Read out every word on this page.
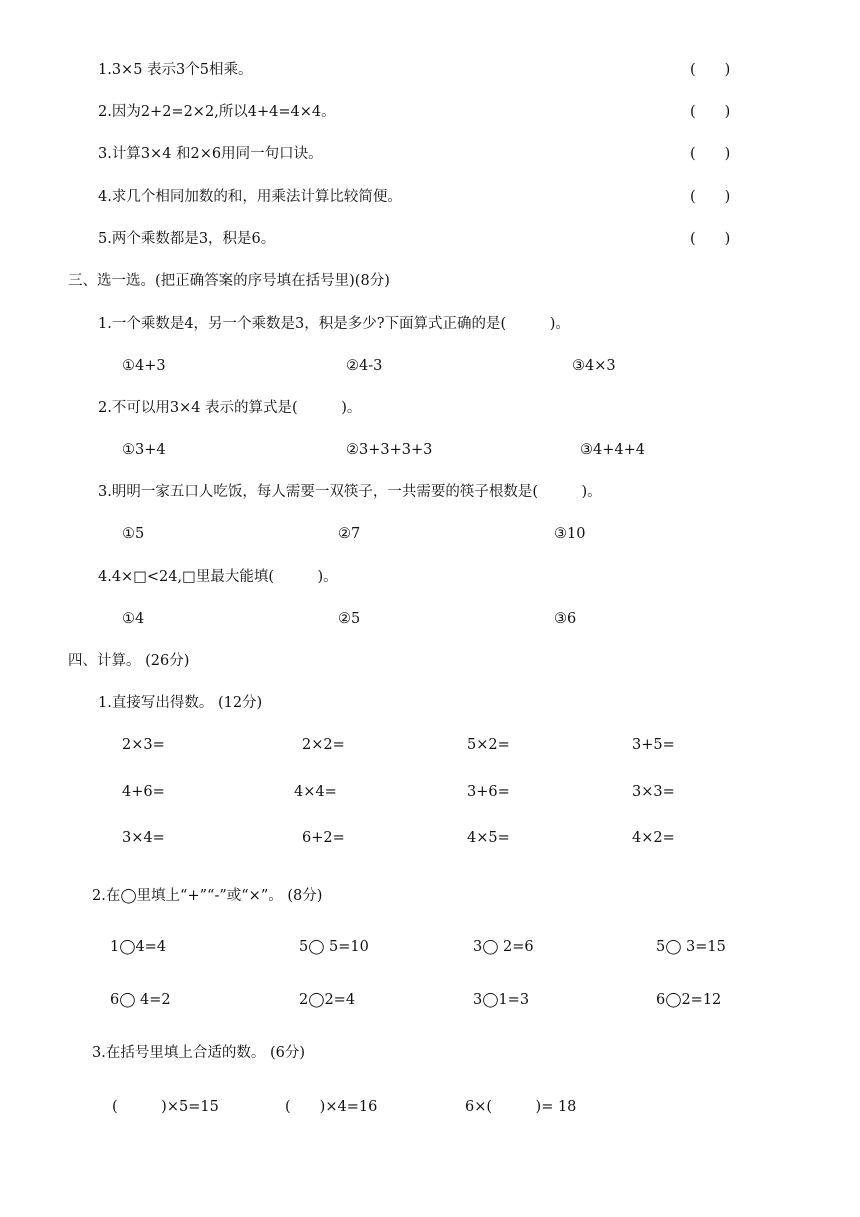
1.3×5 表示3个5相乘。	(　　)
2.因为2+2=2×2,所以4+4=4×4。	(　　)
3.计算3×4 和2×6用同一句口诀。	(　　)
4.求几个相同加数的和，用乘法计算比较简便。	(　　)
5.两个乘数都是3，积是6。	(　　)
三、选一选。(把正确答案的序号填在括号里)(8分)
1.一个乘数是4，另一个乘数是3，积是多少?下面算式正确的是(　　　)。
①4+3	②4-3	③4×3
2.不可以用3×4 表示的算式是(　　　)。
①3+4	②3+3+3+3	③4+4+4
3.明明一家五口人吃饭，每人需要一双筷子，一共需要的筷子根数是(　　　)。
①5	②7	③10
4.4×□<24,□里最大能填(　　　)。
①4	②5	③6
四、计算。 (26分)
1.直接写出得数。 (12分)
2×3=	2×2=	5×2=	3+5=
4+6=	4×4=	3+6=	3×3=
3×4=	6+2=	4×5=	4×2=
2.在◯里填上“+”“-”或“×”。 (8分)
1◯4=4	5◯ 5=10	3◯ 2=6	5◯ 3=15
6◯ 4=2	2◯2=4	3◯1=3	6◯2=12
3.在括号里填上合适的数。 (6分)
(　　　)×5=15	(　　)×4=16	6×(　　　)= 18
